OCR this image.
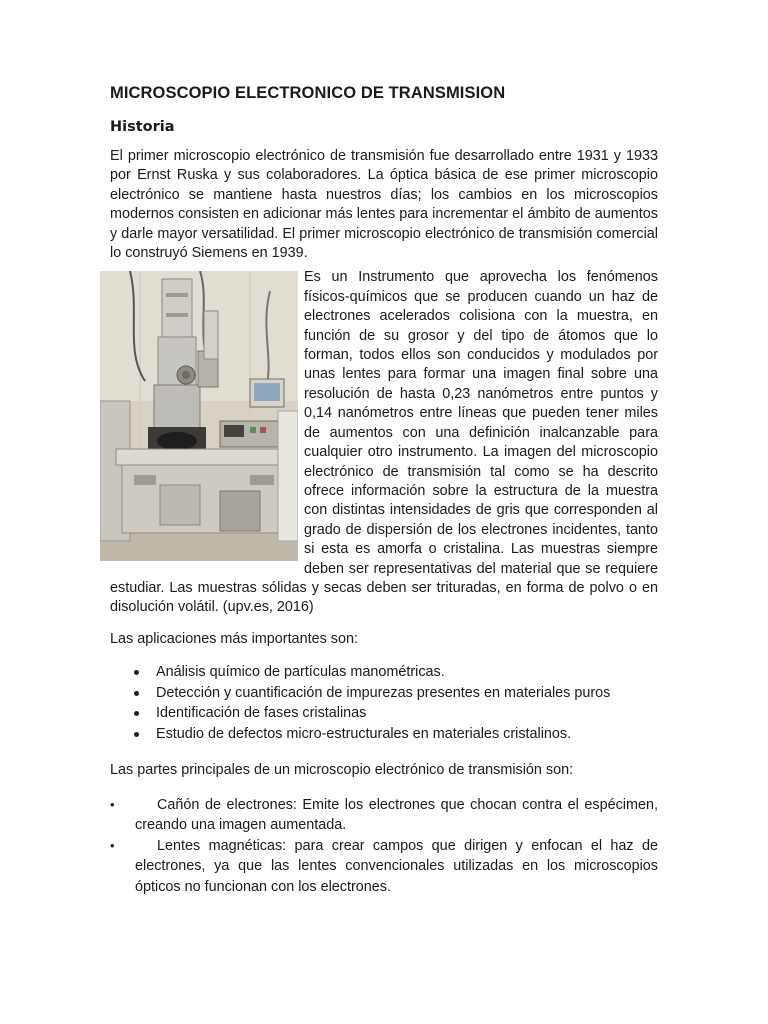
MICROSCOPIO ELECTRONICO DE TRANSMISION
Historia

El primer microscopio electrónico de transmisión fue desarrollado entre 1931 y 1933 por Ernst Ruska y sus colaboradores. La óptica básica de ese primer microscopio electrónico se mantiene hasta nuestros días; los cambios en los microscopios modernos consisten en adicionar más lentes para incrementar el ámbito de aumentos y darle mayor versatilidad. El primer microscopio electrónico de transmisión comercial lo construyó Siemens en 1939.

Es un Instrumento que aprovecha los fenómenos físicos-químicos que se producen cuando un haz de electrones acelerados colisiona con la muestra, en función de su grosor y del tipo de átomos que lo forman, todos ellos son conducidos y modulados por unas lentes para formar una imagen final sobre una resolución de hasta 0,23 nanómetros entre puntos y 0,14 nanómetros entre líneas que pueden tener miles de aumentos con una definición inalcanzable para cualquier otro instrumento. La imagen del microscopio electrónico de transmisión tal como se ha descrito ofrece información sobre la estructura de la muestra con distintas intensidades de gris que corresponden al grado de dispersión de los electrones incidentes, tanto si esta es amorfa o cristalina. Las muestras siempre deben ser representativas del material que se requiere estudiar. Las muestras sólidas y secas deben ser trituradas, en forma de polvo o en disolución volátil. (upv.es, 2016)

Las aplicaciones más importantes son:

Análisis químico de partículas manométricas.
Detección y cuantificación de impurezas presentes en materiales puros
Identificación de fases cristalinas
Estudio de defectos micro-estructurales en materiales cristalinos.

Las partes principales de un microscopio electrónico de transmisión son:

•	Cañón de electrones: Emite los electrones que chocan contra el espécimen, creando una imagen aumentada.
•	Lentes magnéticas: para crear campos que dirigen y enfocan el haz de electrones, ya que las lentes convencionales utilizadas en los microscopios ópticos no funcionan con los electrones.
